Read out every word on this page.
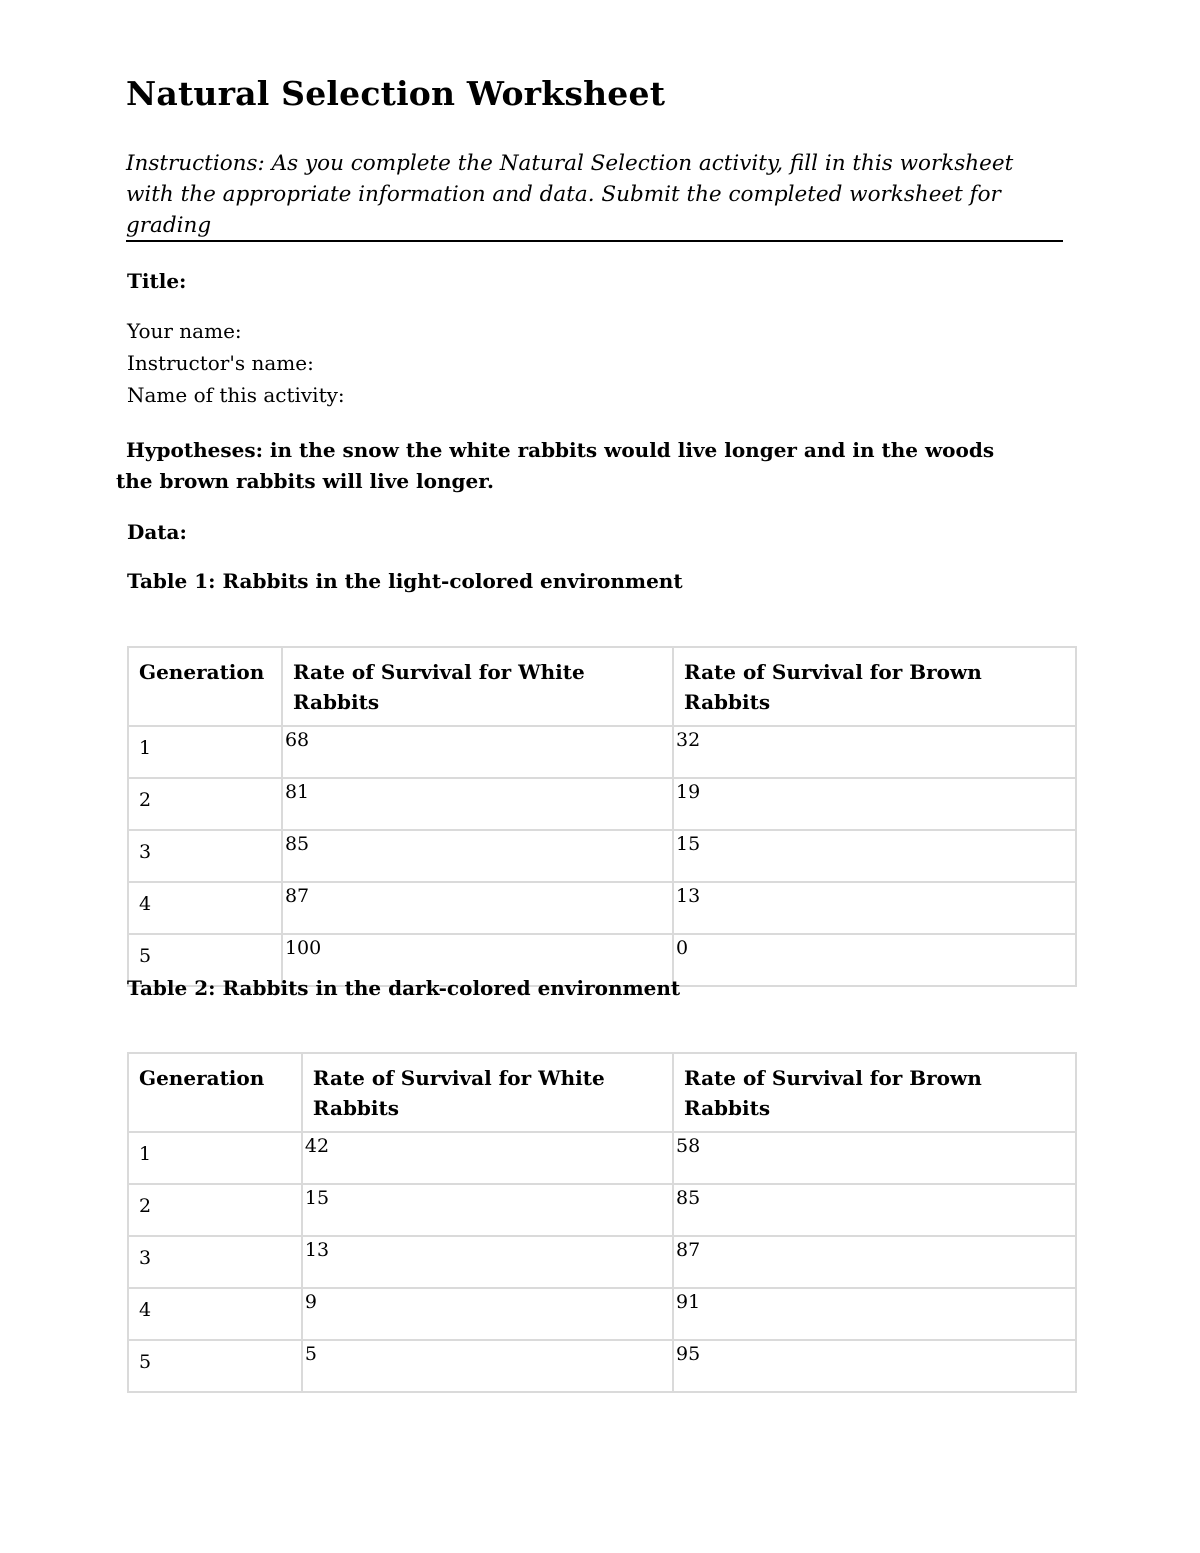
Natural Selection Worksheet

Instructions: As you complete the Natural Selection activity, fill in this worksheet with the appropriate information and data. Submit the completed worksheet for grading

Title:

Your name:

Instructor's name:

Name of this activity:

Hypotheses: in the snow the white rabbits would live longer and in the woods the brown rabbits will live longer.

Data:

Table 1: Rabbits in the light-colored environment

Generation	Rate of Survival for White Rabbits	Rate of Survival for Brown Rabbits
1	68	32
2	81	19
3	85	15
4	87	13
5	100	0

Table 2: Rabbits in the dark-colored environment

Generation	Rate of Survival for White Rabbits	Rate of Survival for Brown Rabbits
1	42	58
2	15	85
3	13	87
4	9	91
5	5	95
